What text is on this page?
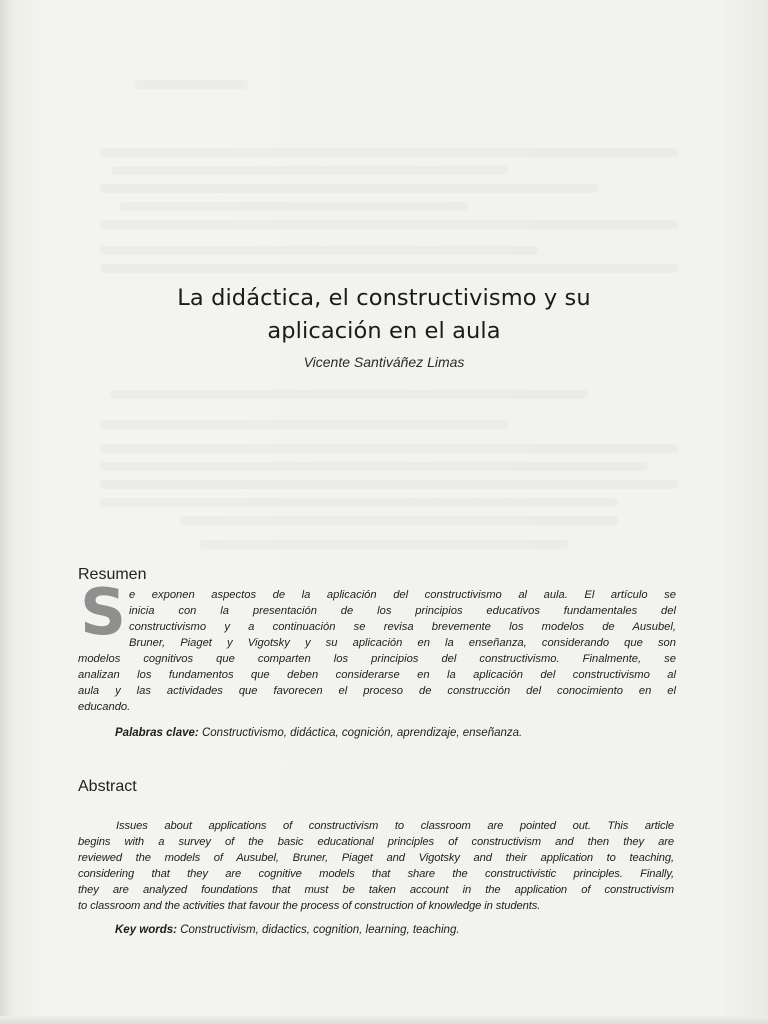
La didáctica, el constructivismo y su
aplicación en el aula
Vicente Santiváñez Limas
Resumen
S e exponen aspectos de la aplicación del constructivismo al aula. El artículo se
inicia con la presentación de los principios educativos fundamentales del
constructivismo y a continuación se revisa brevemente los modelos de Ausubel,
Bruner, Piaget y Vigotsky y su aplicación en la enseñanza, considerando que son
modelos cognitivos que comparten los principios del constructivismo. Finalmente, se
analizan los fundamentos que deben considerarse en la aplicación del constructivismo al
aula y las actividades que favorecen el proceso de construcción del conocimiento en el
educando.
Palabras clave: Constructivismo, didáctica, cognición, aprendizaje, enseñanza.
Abstract
Issues about applications of constructivism to classroom are pointed out. This article
begins with a survey of the basic educational principles of constructivism and then they are
reviewed the models of Ausubel, Bruner, Piaget and Vigotsky and their application to teaching,
considering that they are cognitive models that share the constructivistic principles. Finally,
they are analyzed foundations that must be taken account in the application of constructivism
to classroom and the activities that favour the process of construction of knowledge in students.
Key words: Constructivism, didactics, cognition, learning, teaching.
